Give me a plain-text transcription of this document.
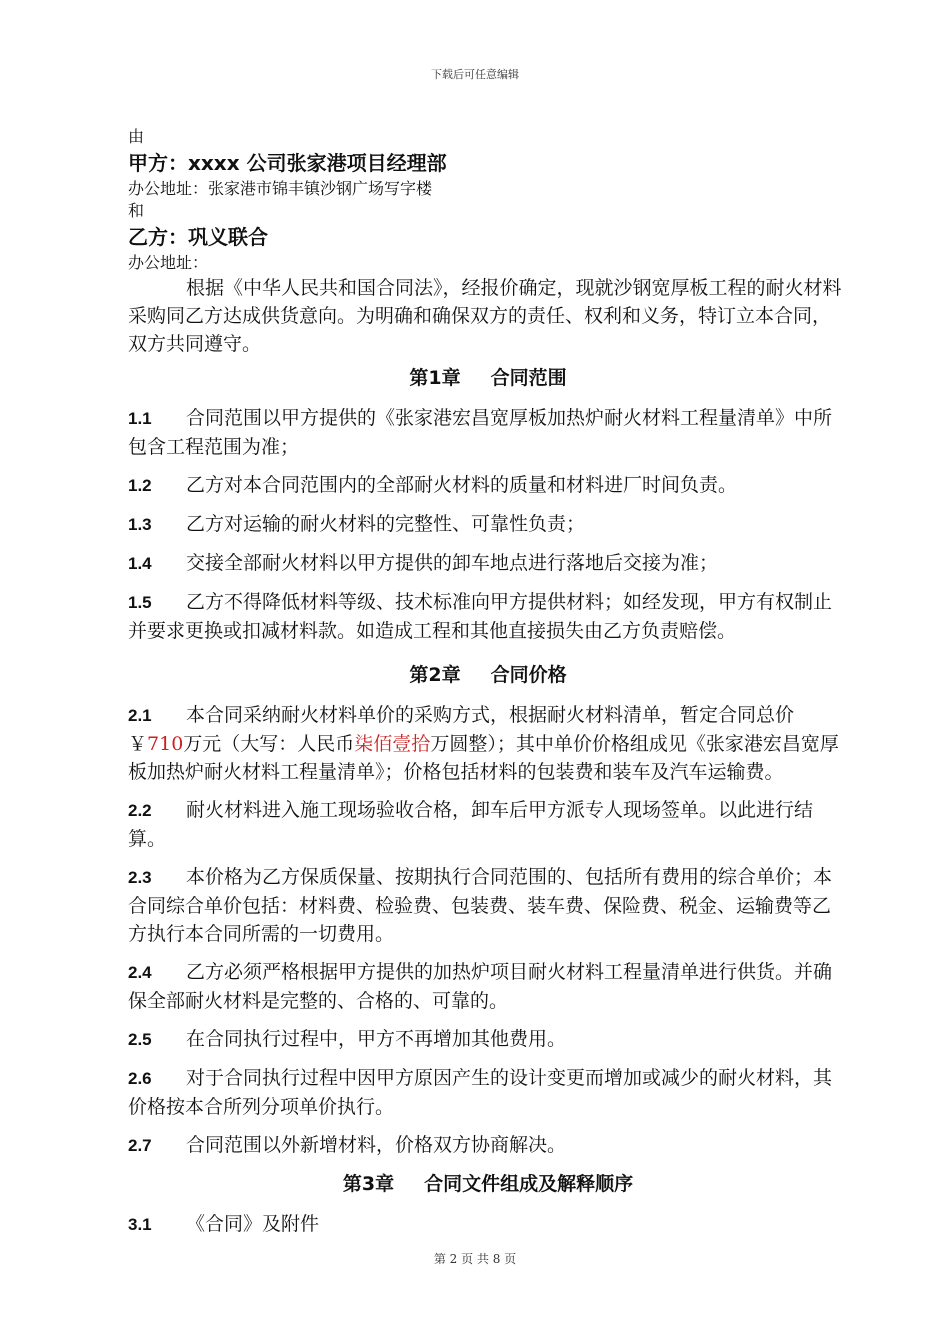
下载后可任意编辑
由
甲方：xxxx 公司张家港项目经理部
办公地址：张家港市锦丰镇沙钢广场写字楼
和
乙方：巩义联合
办公地址：

根据《中华人民共和国合同法》，经报价确定，现就沙钢宽厚板工程的耐火材料采购同乙方达成供货意向。为明确和确保双方的责任、权利和义务，特订立本合同，双方共同遵守。

第1章 合同范围

1.1 合同范围以甲方提供的《张家港宏昌宽厚板加热炉耐火材料工程量清单》中所包含工程范围为准；

1.2 乙方对本合同范围内的全部耐火材料的质量和材料进厂时间负责。

1.3 乙方对运输的耐火材料的完整性、可靠性负责；

1.4 交接全部耐火材料以甲方提供的卸车地点进行落地后交接为准；

1.5 乙方不得降低材料等级、技术标准向甲方提供材料；如经发现，甲方有权制止并要求更换或扣减材料款。如造成工程和其他直接损失由乙方负责赔偿。

第2章 合同价格

2.1 本合同采纳耐火材料单价的采购方式，根据耐火材料清单，暂定合同总价￥710万元（大写：人民币柒佰壹拾万圆整）；其中单价价格组成见《张家港宏昌宽厚板加热炉耐火材料工程量清单》；价格包括材料的包装费和装车及汽车运输费。

2.2 耐火材料进入施工现场验收合格，卸车后甲方派专人现场签单。以此进行结算。

2.3 本价格为乙方保质保量、按期执行合同范围的、包括所有费用的综合单价；本合同综合单价包括：材料费、检验费、包装费、装车费、保险费、税金、运输费等乙方执行本合同所需的一切费用。

2.4 乙方必须严格根据甲方提供的加热炉项目耐火材料工程量清单进行供货。并确保全部耐火材料是完整的、合格的、可靠的。

2.5 在合同执行过程中，甲方不再增加其他费用。

2.6 对于合同执行过程中因甲方原因产生的设计变更而增加或减少的耐火材料，其价格按本合所列分项单价执行。

2.7 合同范围以外新增材料，价格双方协商解决。

第3章 合同文件组成及解释顺序

3.1 《合同》及附件

第 2 页 共 8 页
